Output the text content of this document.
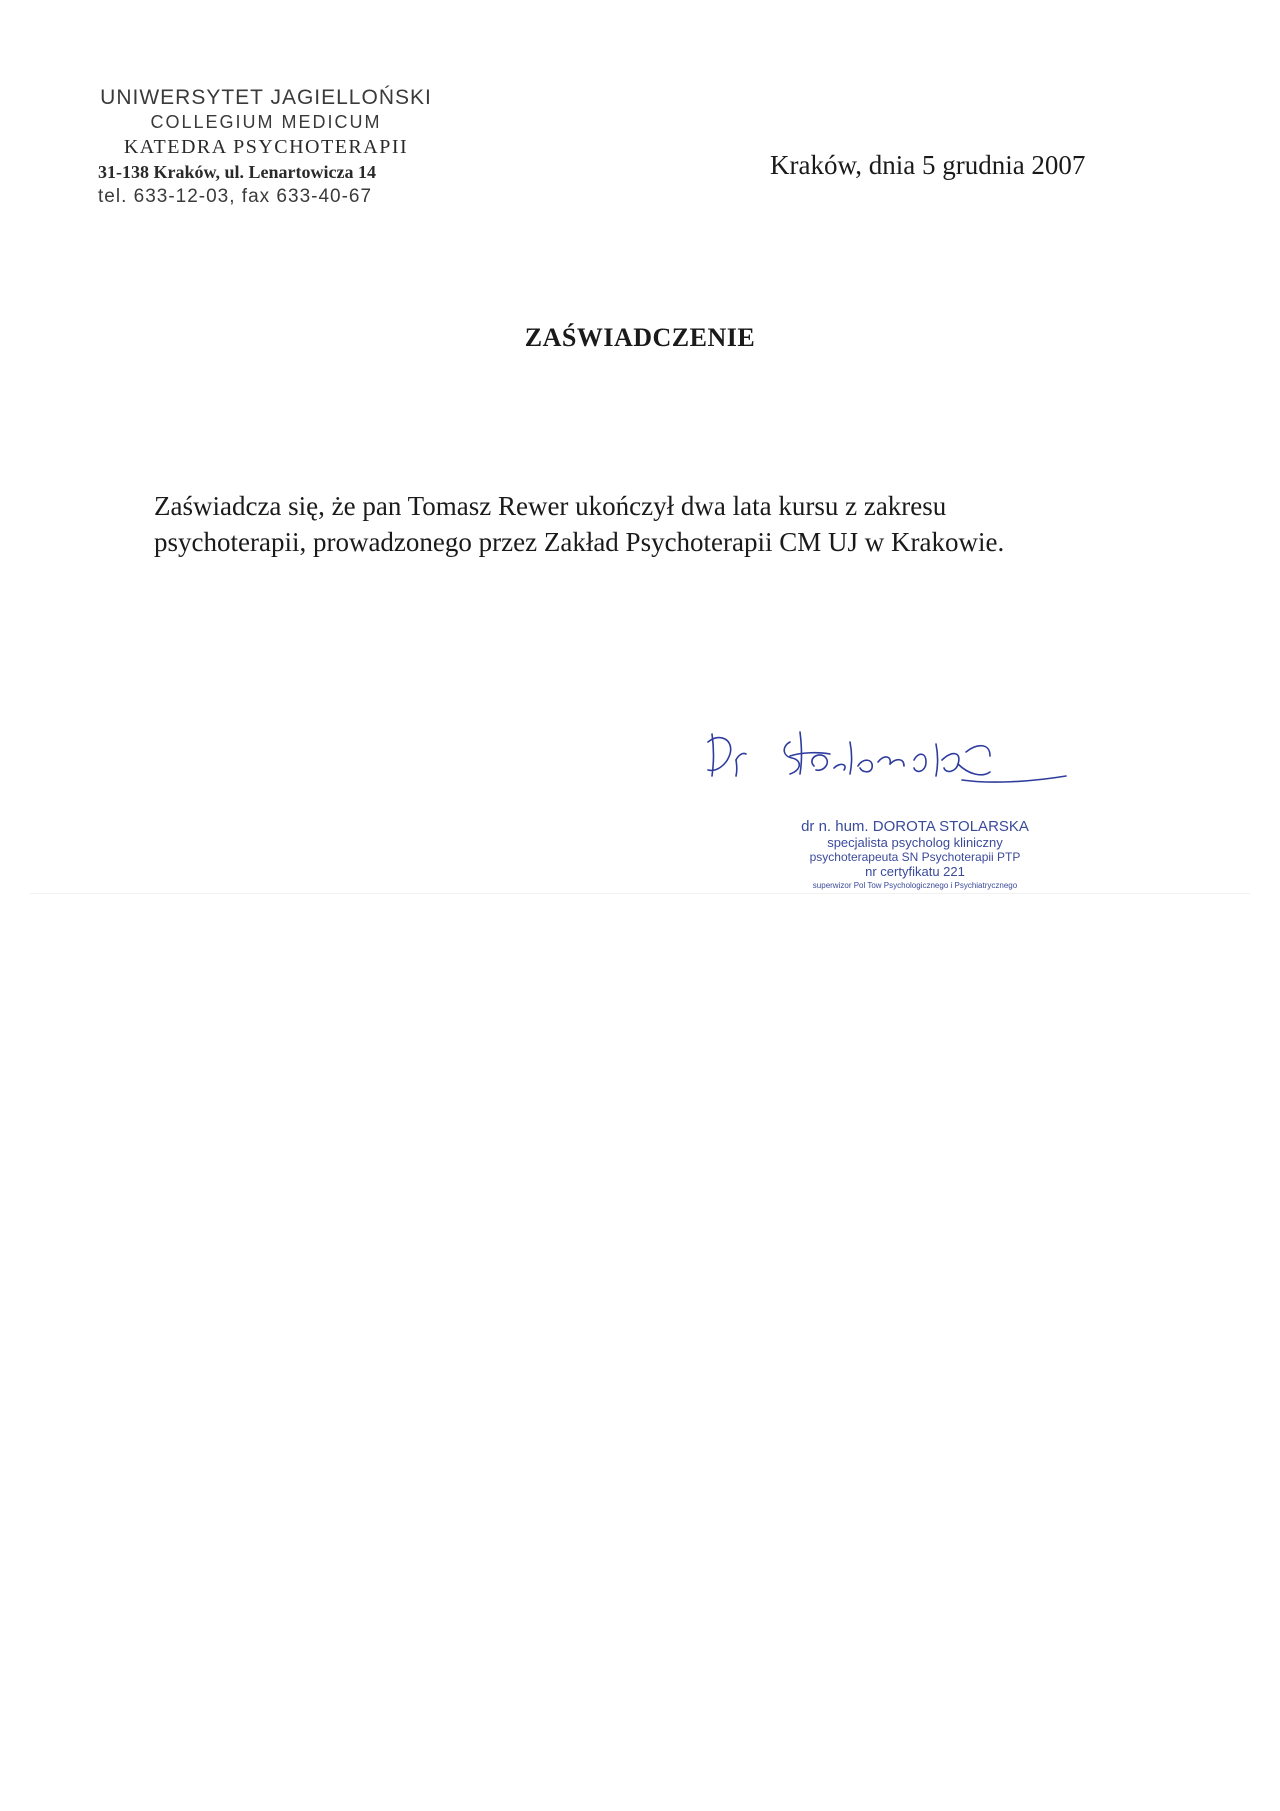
UNIWERSYTET JAGIELLOŃSKI
COLLEGIUM MEDICUM
KATEDRA PSYCHOTERAPII
31-138 Kraków, ul. Lenartowicza 14
tel. 633-12-03, fax 633-40-67
Kraków, dnia 5 grudnia 2007
ZAŚWIADCZENIE
Zaświadcza się, że pan Tomasz Rewer ukończył dwa lata kursu z zakresu
psychoterapii, prowadzonego przez Zakład Psychoterapii CM UJ w Krakowie.
dr n. hum. DOROTA STOLARSKA
specjalista psycholog kliniczny
psychoterapeuta SN Psychoterapii PTP
nr certyfikatu 221
superwizor Pol Tow Psychologicznego i Psychiatrycznego
